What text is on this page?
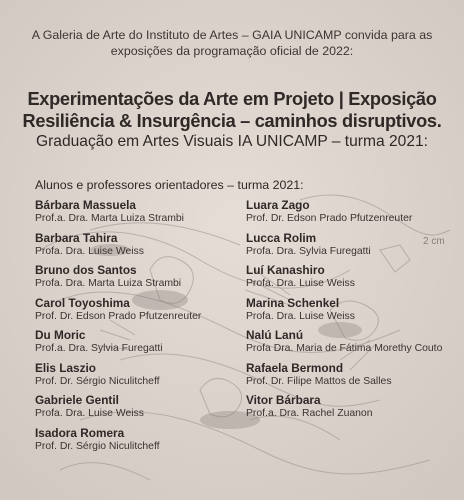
A Galeria de Arte do Instituto de Artes – GAIA UNICAMP convida para as
exposições da programação oficial de 2022:
Experimentações da Arte em Projeto | Exposição
Resiliência & Insurgência – caminhos disruptivos.
Graduação em Artes Visuais IA UNICAMP – turma 2021:
Alunos e professores orientadores – turma 2021:
Bárbara Massuela
Prof.a. Dra. Marta Luiza Strambi
Barbara Tahira
Profa. Dra. Luise Weiss
Bruno dos Santos
Profa. Dra. Marta Luiza Strambi
Carol Toyoshima
Prof. Dr. Edson Prado Pfutzenreuter
Du Moric
Prof.a. Dra. Sylvia Furegatti
Elis Laszio
Prof. Dr. Sérgio Niculitcheff
Gabriele Gentil
Profa. Dra. Luise Weiss
Isadora Romera
Prof. Dr. Sérgio Niculitcheff
Luara Zago
Prof. Dr. Edson Prado Pfutzenreuter
Lucca Rolim
Profa. Dra. Sylvia Furegatti
Luí Kanashiro
Profa. Dra. Luise Weiss
Marina Schenkel
Profa. Dra. Luise Weiss
Nalú Lanú
Profa Dra. Maria de Fátima Morethy Couto
Rafaela Bermond
Prof. Dr. Filipe Mattos de Salles
Vitor Bárbara
Prof.a. Dra. Rachel Zuanon
2 cm
